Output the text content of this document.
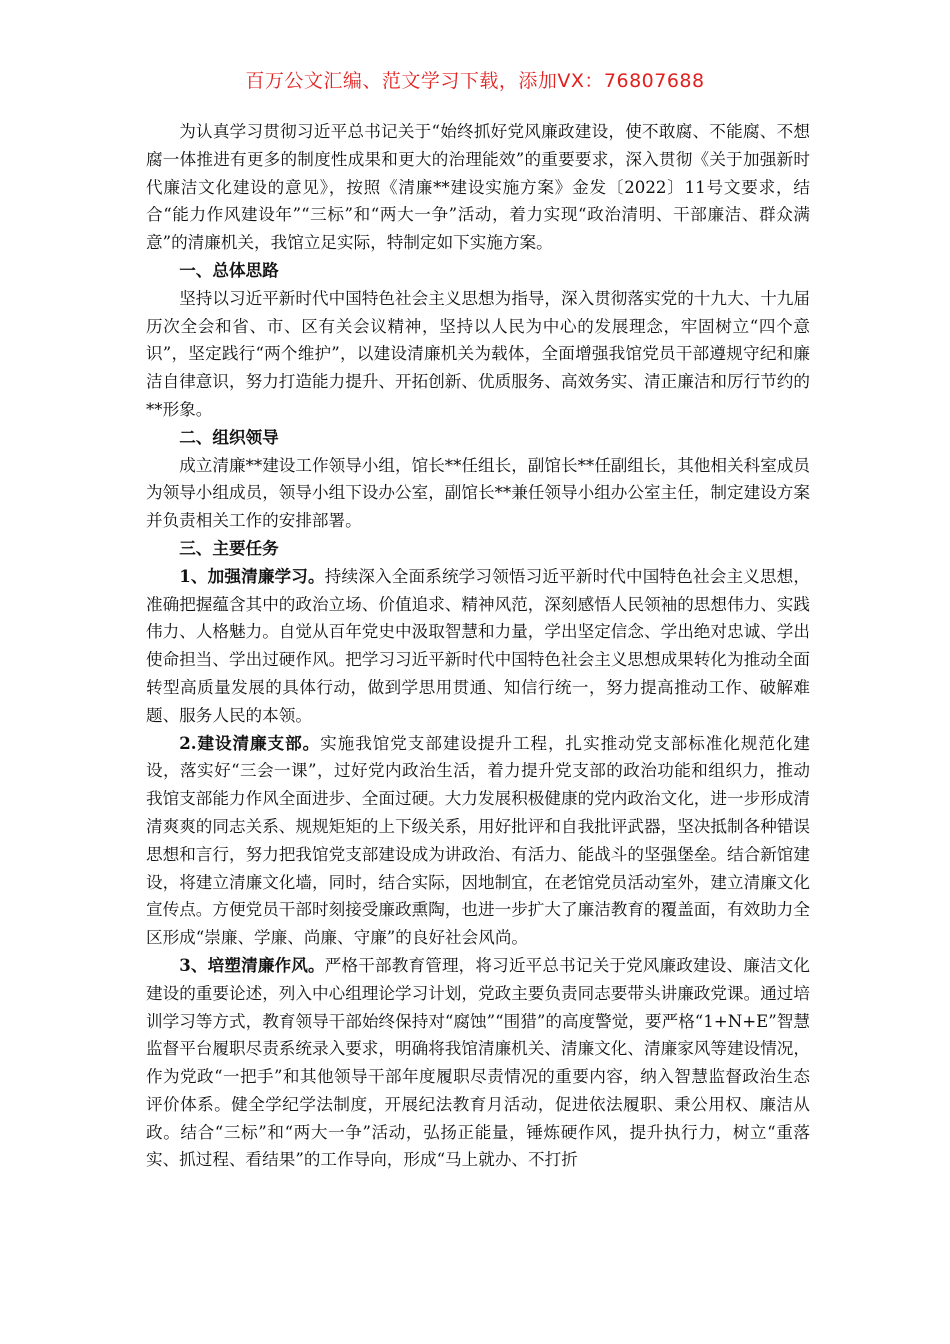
百万公文汇编、范文学习下载，添加VX：76807688

为认真学习贯彻习近平总书记关于“始终抓好党风廉政建设，使不敢腐、不能腐、不想腐一体推进有更多的制度性成果和更大的治理能效”的重要要求，深入贯彻《关于加强新时代廉洁文化建设的意见》，按照《清廉**建设实施方案》金发〔2022〕11号文要求，结合“能力作风建设年”“三标”和“两大一争”活动，着力实现“政治清明、干部廉洁、群众满意”的清廉机关，我馆立足实际，特制定如下实施方案。

一、总体思路

坚持以习近平新时代中国特色社会主义思想为指导，深入贯彻落实党的十九大、十九届历次全会和省、市、区有关会议精神，坚持以人民为中心的发展理念，牢固树立“四个意识”，坚定践行“两个维护”，以建设清廉机关为载体，全面增强我馆党员干部遵规守纪和廉洁自律意识，努力打造能力提升、开拓创新、优质服务、高效务实、清正廉洁和厉行节约的**形象。

二、组织领导

成立清廉**建设工作领导小组，馆长**任组长，副馆长**任副组长，其他相关科室成员为领导小组成员，领导小组下设办公室，副馆长**兼任领导小组办公室主任，制定建设方案并负责相关工作的安排部署。

三、主要任务

1、加强清廉学习。持续深入全面系统学习领悟习近平新时代中国特色社会主义思想，准确把握蕴含其中的政治立场、价值追求、精神风范，深刻感悟人民领袖的思想伟力、实践伟力、人格魅力。自觉从百年党史中汲取智慧和力量，学出坚定信念、学出绝对忠诚、学出使命担当、学出过硬作风。把学习习近平新时代中国特色社会主义思想成果转化为推动全面转型高质量发展的具体行动，做到学思用贯通、知信行统一，努力提高推动工作、破解难题、服务人民的本领。

2.建设清廉支部。实施我馆党支部建设提升工程，扎实推动党支部标准化规范化建设，落实好“三会一课”，过好党内政治生活，着力提升党支部的政治功能和组织力，推动我馆支部能力作风全面进步、全面过硬。大力发展积极健康的党内政治文化，进一步形成清清爽爽的同志关系、规规矩矩的上下级关系，用好批评和自我批评武器，坚决抵制各种错误思想和言行，努力把我馆党支部建设成为讲政治、有活力、能战斗的坚强堡垒。结合新馆建设，将建立清廉文化墙，同时，结合实际，因地制宜，在老馆党员活动室外，建立清廉文化宣传点。方便党员干部时刻接受廉政熏陶，也进一步扩大了廉洁教育的覆盖面，有效助力全区形成“崇廉、学廉、尚廉、守廉”的良好社会风尚。

3、培塑清廉作风。严格干部教育管理，将习近平总书记关于党风廉政建设、廉洁文化建设的重要论述，列入中心组理论学习计划，党政主要负责同志要带头讲廉政党课。通过培训学习等方式，教育领导干部始终保持对“腐蚀”“围猎”的高度警觉，要严格“1+N+E”智慧监督平台履职尽责系统录入要求，明确将我馆清廉机关、清廉文化、清廉家风等建设情况，作为党政“一把手”和其他领导干部年度履职尽责情况的重要内容，纳入智慧监督政治生态评价体系。健全学纪学法制度，开展纪法教育月活动，促进依法履职、秉公用权、廉洁从政。结合“三标”和“两大一争”活动，弘扬正能量，锤炼硬作风，提升执行力，树立“重落实、抓过程、看结果”的工作导向，形成“马上就办、不打折
